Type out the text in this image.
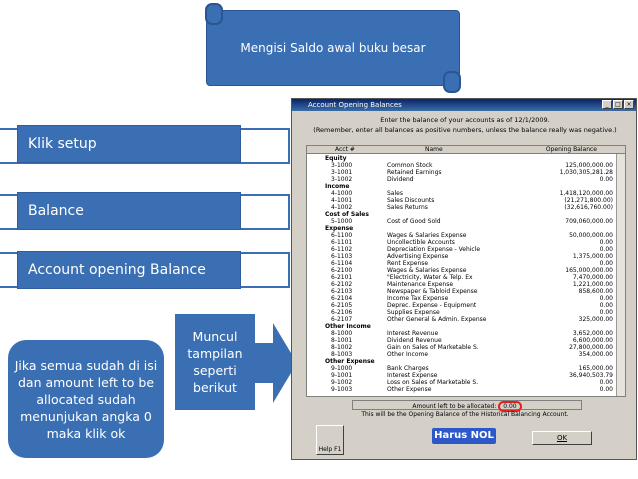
Mengisi Saldo awal buku besar
Klik setup
Balance
Account opening Balance
Jika semua sudah di isi dan amount left to be allocated sudah menunjukan angka 0 maka klik ok
Muncul tampilan seperti berikut
Account Opening Balances	_	□ ×
Enter the balance of your accounts as of 12/1/2009.
(Remember, enter all balances as positive numbers, unless the balance really was negative.)
Acct #	Name	Opening Balance
Equity
3-1000	Common Stock	125,000,000.00
3-1001	Retained Earnings	1,030,305,281.28
3-1002	Dividend	0.00
Income
4-1000	Sales	1,418,120,000.00
4-1001	Sales Discounts	(21,271,800.00)
4-1002	Sales Returns	(32,616,760.00)
Cost of Sales
5-1000	Cost of Good Sold	709,060,000.00
Expense
6-1100	Wages & Salaries Expense	50,000,000.00
6-1101	Uncollectible Accounts	0.00
6-1102	Depreciation Expense - Vehicle	0.00
6-1103	Advertising Expense	1,375,000.00
6-1104	Rent Expense	0.00
6-2100	Wages & Salaries Expense	165,000,000.00
6-2101	"Electricity, Water & Telp. Ex	7,470,000.00
6-2102	Maintenance Expense	1,221,000.00
6-2103	Newspaper & Tabloid Expense	858,600.00
6-2104	Income Tax Expense	0.00
6-2105	Deprec. Expense - Equipment	0.00
6-2106	Supplies Expense	0.00
6-2107	Other General & Admin. Expense	325,000.00
Other Income
8-1000	Interest Revenue	3,652,000.00
8-1001	Dividend Revenue	6,600,000.00
8-1002	Gain on Sales of Marketable S.	27,800,000.00
8-1003	Other Income	354,000.00
Other Expense
9-1000	Bank Charges	165,000.00
9-1001	Interest Expense	36,940,503.79
9-1002	Loss on Sales of Marketable S.	0.00
9-1003	Other Expense	0.00
Amount left to be allocated: 0.00
This will be the Opening Balance of the Historical Balancing Account.
Help F1
Harus NOL	OK
